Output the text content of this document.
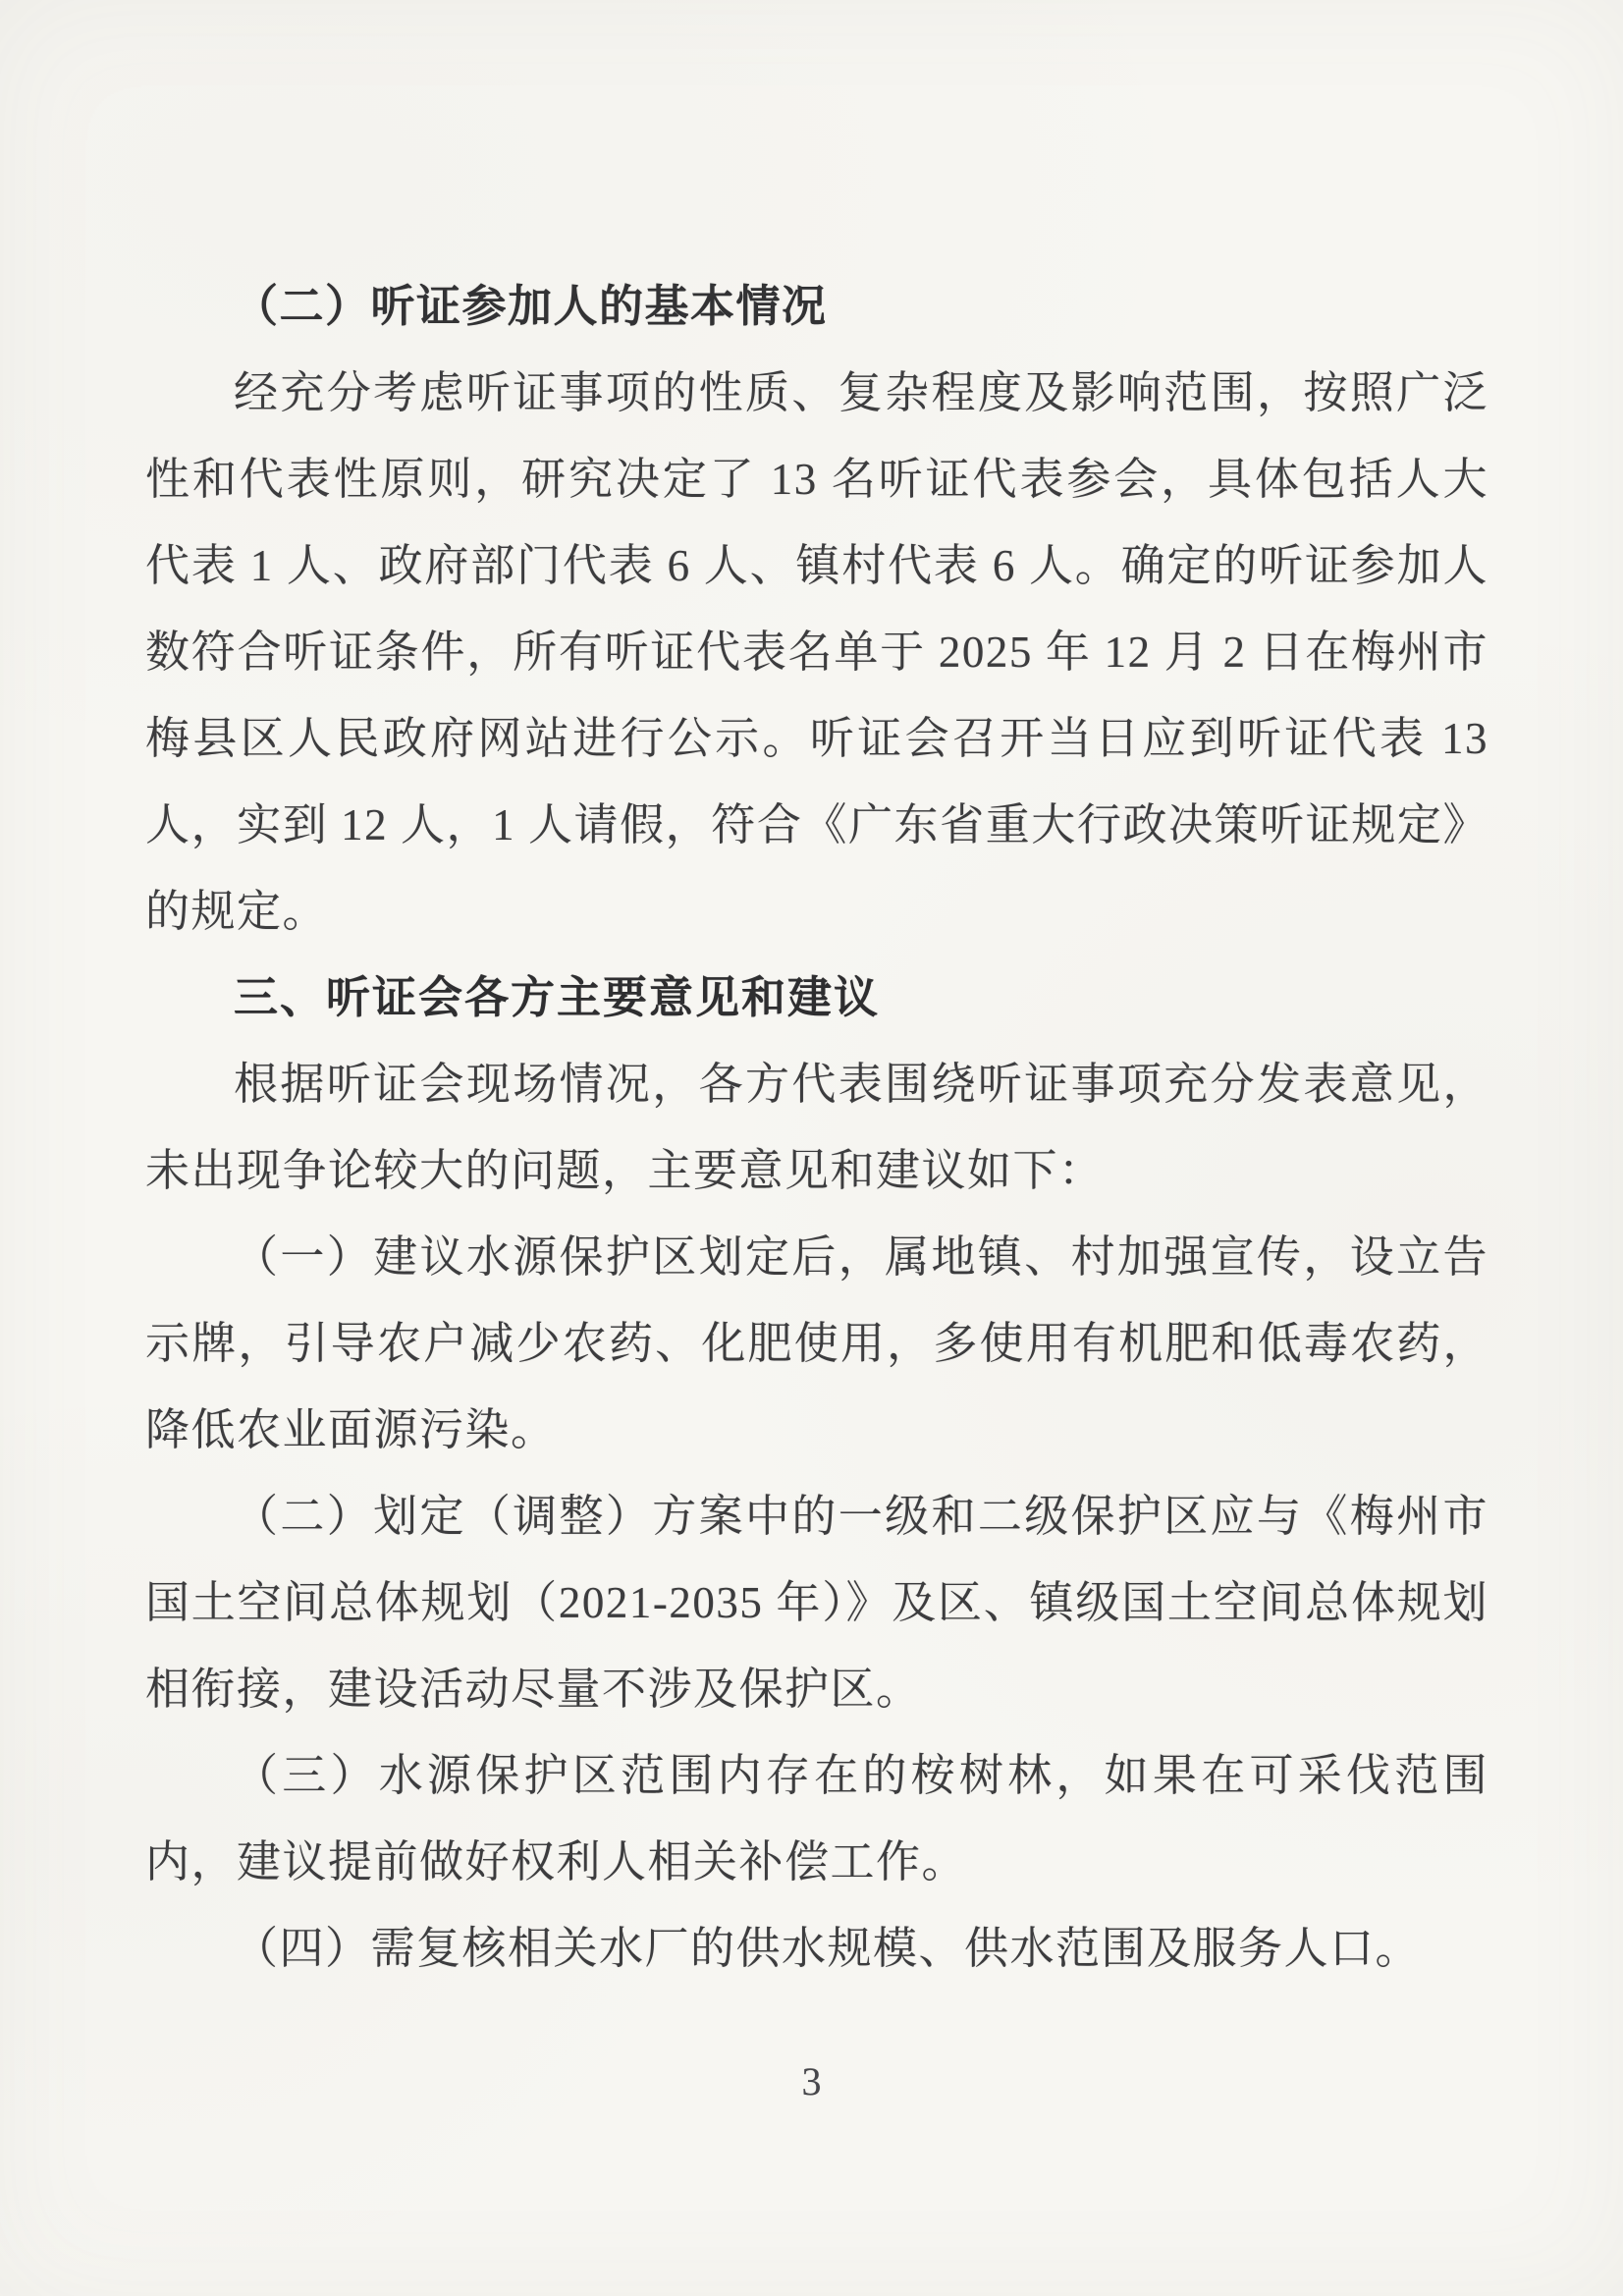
（二）听证参加人的基本情况

经充分考虑听证事项的性质、复杂程度及影响范围，按照广泛性和代表性原则，研究决定了 13 名听证代表参会，具体包括人大代表 1 人、政府部门代表 6 人、镇村代表 6 人。确定的听证参加人数符合听证条件，所有听证代表名单于 2025 年 12 月 2 日在梅州市梅县区人民政府网站进行公示。听证会召开当日应到听证代表 13 人，实到 12 人，1 人请假，符合《广东省重大行政决策听证规定》的规定。

三、听证会各方主要意见和建议

根据听证会现场情况，各方代表围绕听证事项充分发表意见，未出现争论较大的问题，主要意见和建议如下：

（一）建议水源保护区划定后，属地镇、村加强宣传，设立告示牌，引导农户减少农药、化肥使用，多使用有机肥和低毒农药，降低农业面源污染。

（二）划定（调整）方案中的一级和二级保护区应与《梅州市国土空间总体规划（2021-2035 年）》及区、镇级国土空间总体规划相衔接，建设活动尽量不涉及保护区。

（三）水源保护区范围内存在的桉树林，如果在可采伐范围内，建议提前做好权利人相关补偿工作。

（四）需复核相关水厂的供水规模、供水范围及服务人口。

3
